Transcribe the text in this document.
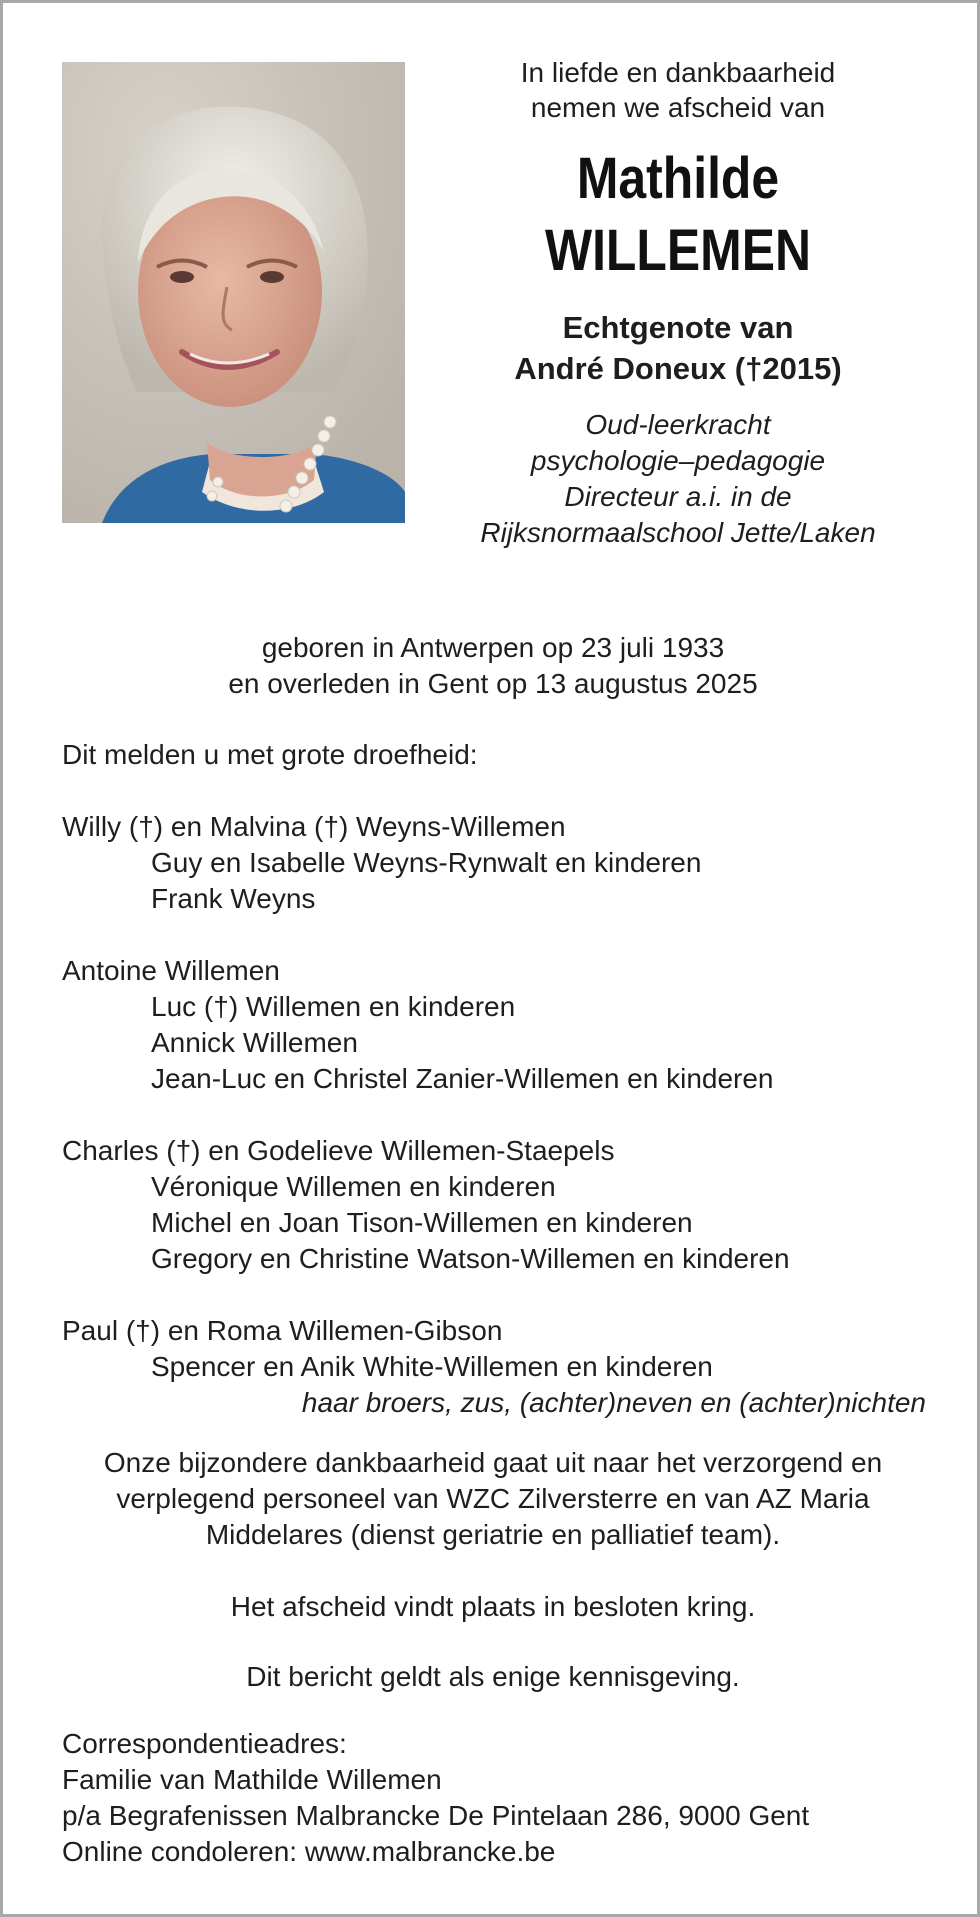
In liefde en dankbaarheid
nemen we afscheid van
Mathilde
WILLEMEN
Echtgenote van
André Doneux (†2015)
Oud-leerkracht
psychologie–pedagogie
Directeur a.i. in de
Rijksnormaalschool Jette/Laken
geboren in Antwerpen op 23 juli 1933
en overleden in Gent op 13 augustus 2025
Dit melden u met grote droefheid:
Willy (†) en Malvina (†) Weyns-Willemen
Guy en Isabelle Weyns-Rynwalt en kinderen
Frank Weyns
Antoine Willemen
Luc (†) Willemen en kinderen
Annick Willemen
Jean-Luc en Christel Zanier-Willemen en kinderen
Charles (†) en Godelieve Willemen-Staepels
Véronique Willemen en kinderen
Michel en Joan Tison-Willemen en kinderen
Gregory en Christine Watson-Willemen en kinderen
Paul (†) en Roma Willemen-Gibson
Spencer en Anik White-Willemen en kinderen
haar broers, zus, (achter)neven en (achter)nichten
Onze bijzondere dankbaarheid gaat uit naar het verzorgend en
verplegend personeel van WZC Zilversterre en van AZ Maria
Middelares (dienst geriatrie en palliatief team).
Het afscheid vindt plaats in besloten kring.
Dit bericht geldt als enige kennisgeving.
Correspondentieadres:
Familie van Mathilde Willemen
p/a Begrafenissen Malbrancke De Pintelaan 286, 9000 Gent
Online condoleren: www.malbrancke.be
